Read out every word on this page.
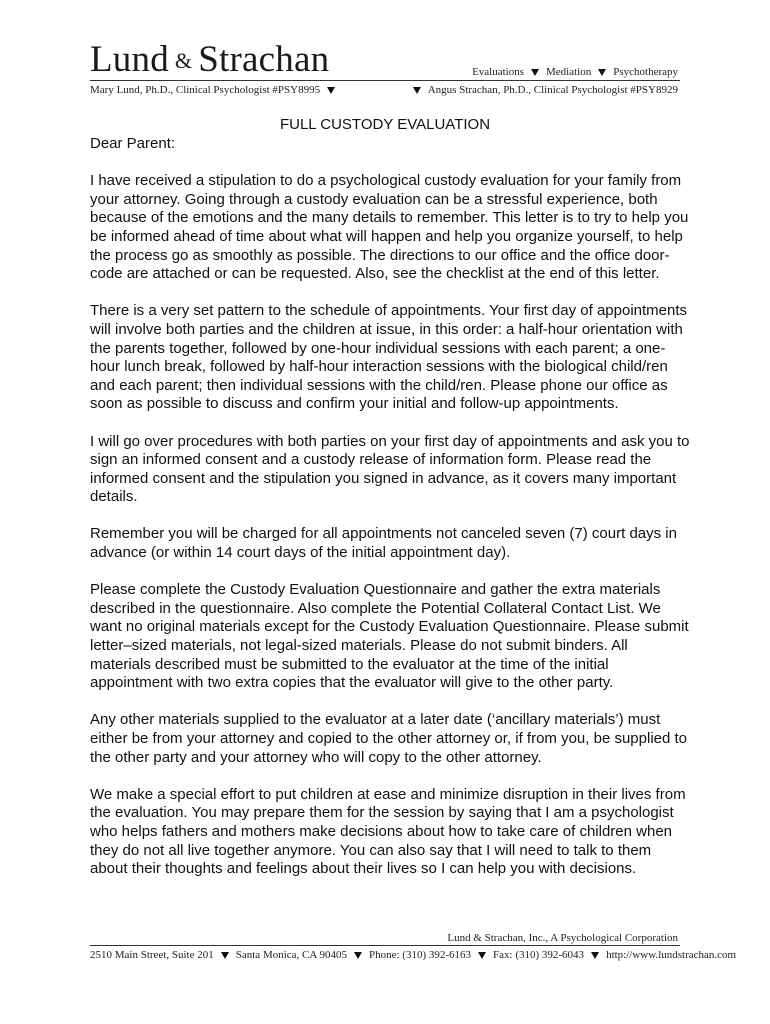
Lund & Strachan	Evaluations Mediation Psychotherapy
Mary Lund, Ph.D., Clinical Psychologist #PSY8995	Angus Strachan, Ph.D., Clinical Psychologist #PSY8929
FULL CUSTODY EVALUATION

Dear Parent:

I have received a stipulation to do a psychological custody evaluation for your family from your attorney. Going through a custody evaluation can be a stressful experience, both because of the emotions and the many details to remember. This letter is to try to help you be informed ahead of time about what will happen and help you organize yourself, to help the process go as smoothly as possible. The directions to our office and the office door-code are attached or can be requested. Also, see the checklist at the end of this letter.

There is a very set pattern to the schedule of appointments. Your first day of appointments will involve both parties and the children at issue, in this order: a half-hour orientation with the parents together, followed by one-hour individual sessions with each parent; a one-hour lunch break, followed by half-hour interaction sessions with the biological child/ren and each parent; then individual sessions with the child/ren. Please phone our office as soon as possible to discuss and confirm your initial and follow-up appointments.

I will go over procedures with both parties on your first day of appointments and ask you to sign an informed consent and a custody release of information form. Please read the informed consent and the stipulation you signed in advance, as it covers many important details.

Remember you will be charged for all appointments not canceled seven (7) court days in advance (or within 14 court days of the initial appointment day).

Please complete the Custody Evaluation Questionnaire and gather the extra materials described in the questionnaire. Also complete the Potential Collateral Contact List. We want no original materials except for the Custody Evaluation Questionnaire. Please submit letter–sized materials, not legal-sized materials. Please do not submit binders. All materials described must be submitted to the evaluator at the time of the initial appointment with two extra copies that the evaluator will give to the other party.

Any other materials supplied to the evaluator at a later date (‘ancillary materials’) must either be from your attorney and copied to the other attorney or, if from you, be supplied to the other party and your attorney who will copy to the other attorney.

We make a special effort to put children at ease and minimize disruption in their lives from the evaluation. You may prepare them for the session by saying that I am a psychologist who helps fathers and mothers make decisions about how to take care of children when they do not all live together anymore. You can also say that I will need to talk to them about their thoughts and feelings about their lives so I can help you with decisions.

Lund & Strachan, Inc., A Psychological Corporation
2510 Main Street, Suite 201 Santa Monica, CA 90405 Phone: (310) 392-6163 Fax: (310) 392-6043 http://www.lundstrachan.com
